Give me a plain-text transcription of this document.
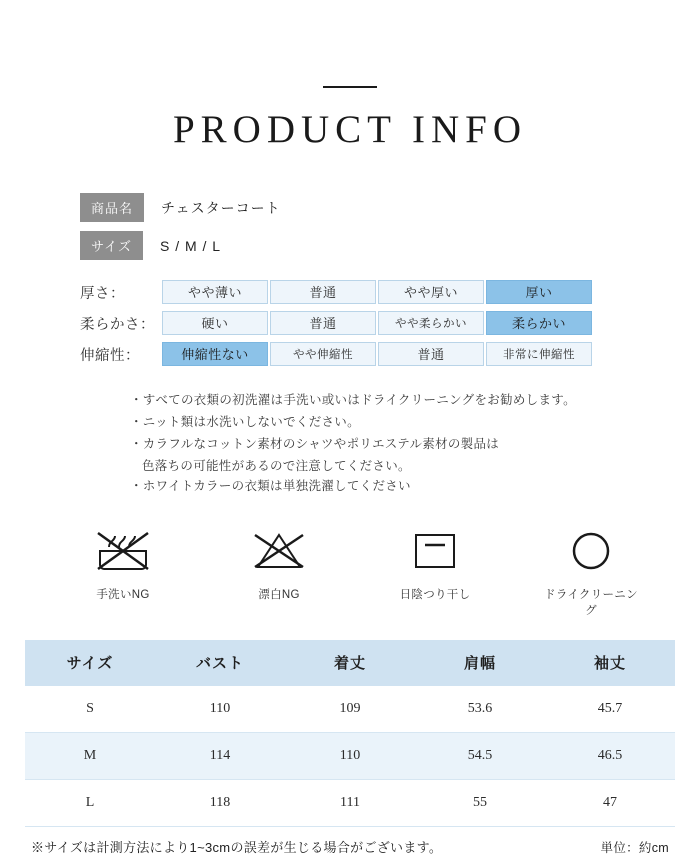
PRODUCT INFO
商品名	チェスターコート
サイズ	S / M / L
厚さ：	やや薄い	普通	やや厚い	厚い
柔らかさ：	硬い	普通	やや柔らかい	柔らかい
伸縮性：	伸縮性ない	やや伸縮性	普通	非常に伸縮性
・すべての衣類の初洗濯は手洗い或いはドライクリーニングをお勧めします。
・ニット類は水洗いしないでください。
・カラフルなコットン素材のシャツやポリエステル素材の製品は
色落ちの可能性があるので注意してください。
・ホワイトカラーの衣類は単独洗濯してください
手洗いNG	漂白NG	日陰つり干し	ドライクリーニング
サイズ	バスト	着丈	肩幅	袖丈
S	110	109	53.6	45.7
M	114	110	54.5	46.5
L	118	111	55	47
※サイズは計測方法により1~3cmの誤差が生じる場合がございます。	単位：約cm
